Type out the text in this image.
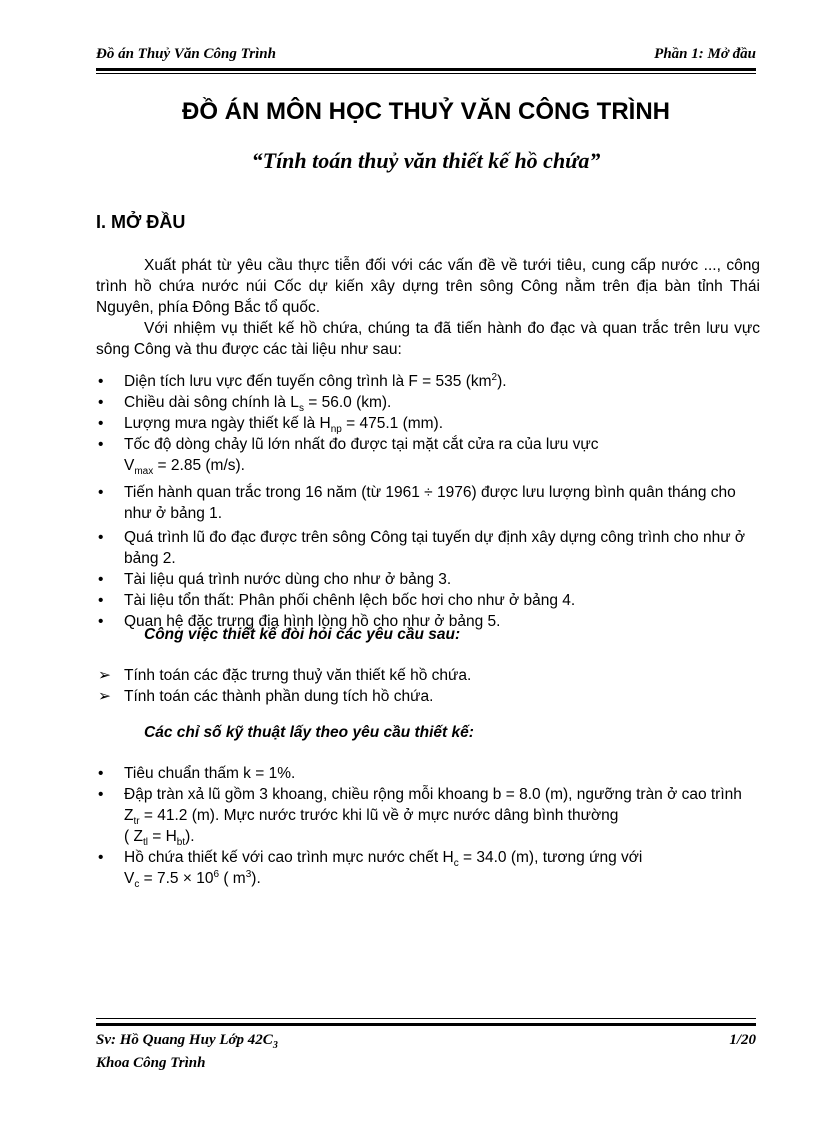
Đồ án Thuỷ Văn Công Trình	Phần 1: Mở đầu
ĐỒ ÁN MÔN HỌC THUỶ VĂN CÔNG TRÌNH
“Tính toán thuỷ văn thiết kế hồ chứa”
I. MỞ ĐẦU
Xuất phát từ yêu cầu thực tiễn đối với các vấn đề về tưới tiêu, cung cấp nước ..., công trình hồ chứa nước núi Cốc dự kiến xây dựng trên sông Công nằm trên địa bàn tỉnh Thái Nguyên, phía Đông Bắc tổ quốc.
Với nhiệm vụ thiết kế hồ chứa, chúng ta đã tiến hành đo đạc và quan trắc trên lưu vực sông Công và thu được các tài liệu như sau:
• Diện tích lưu vực đến tuyến công trình là F = 535 $(km^2)$.
• Chiều dài sông chính là $L_s = 56.0$ (km).
• Lượng mưa ngày thiết kế là $H_{np} = 475.1$ (mm).
• Tốc độ dòng chảy lũ lớn nhất đo được tại mặt cắt cửa ra của lưu vực
$V_{max} = 2.85$ (m/s).
• Tiến hành quan trắc trong 16 năm (từ 1961 ÷ 1976) được lưu lượng bình quân tháng cho như ở bảng 1.
• Quá trình lũ đo đạc được trên sông Công tại tuyến dự định xây dựng công trình cho như ở bảng 2.
• Tài liệu quá trình nước dùng cho như ở bảng 3.
• Tài liệu tổn thất: Phân phối chênh lệch bốc hơi cho như ở bảng 4.
• Quan hệ đặc trưng địa hình lòng hồ cho như ở bảng 5.
Công việc thiết kế đòi hỏi các yêu cầu sau:
➢ Tính toán các đặc trưng thuỷ văn thiết kế hồ chứa.
➢ Tính toán các thành phần dung tích hồ chứa.
Các chỉ số kỹ thuật lấy theo yêu cầu thiết kế:
• Tiêu chuẩn thấm k = 1%.
• Đập tràn xả lũ gồm 3 khoang, chiều rộng mỗi khoang b = 8.0 (m), ngưỡng tràn ở cao trình $Z_{tr} = 41.2$ (m). Mực nước trước khi lũ về ở mực nước dâng bình thường
( $Z_{tl} = H_{bt}$).
• Hồ chứa thiết kế với cao trình mực nước chết $H_c = 34.0$ (m), tương ứng với
$V_c = 7.5 \times 10^6$ ( $m^3$).
Sv: Hồ Quang Huy Lớp $42C_3$	1/20
Khoa Công Trình
